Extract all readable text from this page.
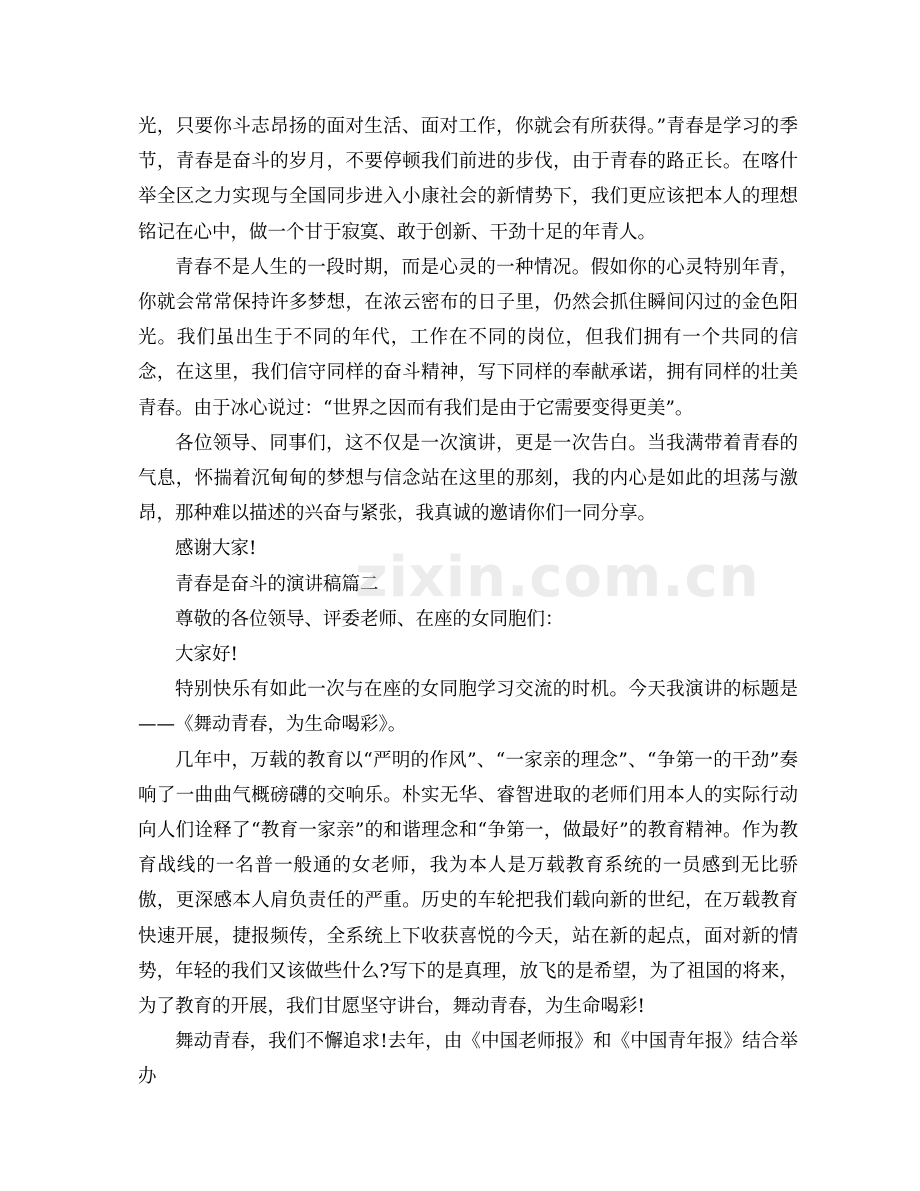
光，只要你斗志昂扬的面对生活、面对工作，你就会有所获得。”青春是学习的季节，青春是奋斗的岁月，不要停顿我们前进的步伐，由于青春的路正长。在喀什举全区之力实现与全国同步进入小康社会的新情势下，我们更应该把本人的理想铭记在心中，做一个甘于寂寞、敢于创新、干劲十足的年青人。

青春不是人生的一段时期，而是心灵的一种情况。假如你的心灵特别年青，你就会常常保持许多梦想，在浓云密布的日子里，仍然会抓住瞬间闪过的金色阳光。我们虽出生于不同的年代，工作在不同的岗位，但我们拥有一个共同的信念，在这里，我们信守同样的奋斗精神，写下同样的奉献承诺，拥有同样的壮美青春。由于冰心说过：“世界之因而有我们是由于它需要变得更美”。

各位领导、同事们，这不仅是一次演讲，更是一次告白。当我满带着青春的气息，怀揣着沉甸甸的梦想与信念站在这里的那刻，我的内心是如此的坦荡与激昂，那种难以描述的兴奋与紧张，我真诚的邀请你们一同分享。

感谢大家!

青春是奋斗的演讲稿篇二

尊敬的各位领导、评委老师、在座的女同胞们：

大家好!

特别快乐有如此一次与在座的女同胞学习交流的时机。今天我演讲的标题是——《舞动青春，为生命喝彩》。

几年中，万载的教育以“严明的作风”、“一家亲的理念”、“争第一的干劲”奏响了一曲曲气概磅礴的交响乐。朴实无华、睿智进取的老师们用本人的实际行动向人们诠释了“教育一家亲”的和谐理念和“争第一，做最好”的教育精神。作为教育战线的一名普一般通的女老师，我为本人是万载教育系统的一员感到无比骄傲，更深感本人肩负责任的严重。历史的车轮把我们载向新的世纪，在万载教育快速开展，捷报频传，全系统上下收获喜悦的今天，站在新的起点，面对新的情势，年轻的我们又该做些什么?写下的是真理，放飞的是希望，为了祖国的将来，为了教育的开展，我们甘愿坚守讲台，舞动青春，为生命喝彩!

舞动青春，我们不懈追求!去年，由《中国老师报》和《中国青年报》结合举办

zixin.com.cn
